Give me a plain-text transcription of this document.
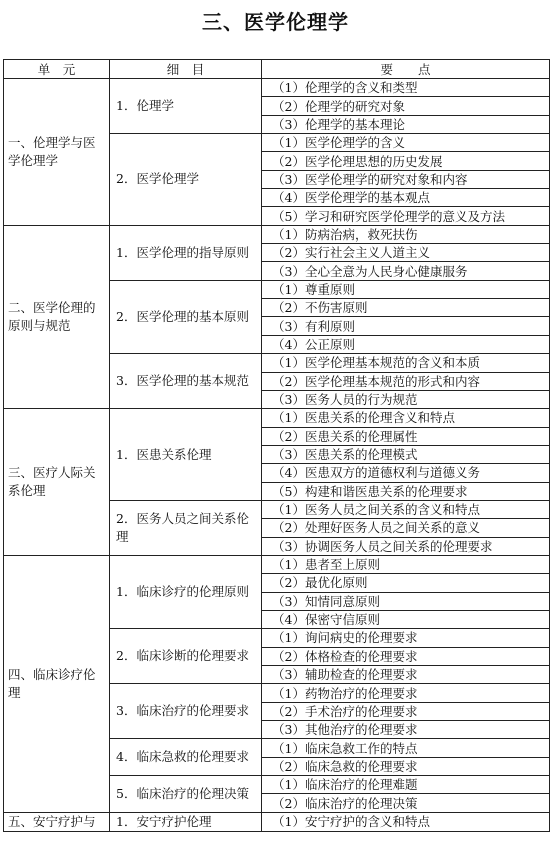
三、医学伦理学
单　元	细　目	要　　点
一、伦理学与医学伦理学	1．伦理学	（1）伦理学的含义和类型
		（2）伦理学的研究对象
		（3）伦理学的基本理论
	2．医学伦理学	（1）医学伦理学的含义
		（2）医学伦理思想的历史发展
		（3）医学伦理学的研究对象和内容
		（4）医学伦理学的基本观点
		（5）学习和研究医学伦理学的意义及方法
二、医学伦理的原则与规范	1．医学伦理的指导原则	（1）防病治病，救死扶伤
		（2）实行社会主义人道主义
		（3）全心全意为人民身心健康服务
	2．医学伦理的基本原则	（1）尊重原则
		（2）不伤害原则
		（3）有利原则
		（4）公正原则
	3．医学伦理的基本规范	（1）医学伦理基本规范的含义和本质
		（2）医学伦理基本规范的形式和内容
		（3）医务人员的行为规范
三、医疗人际关系伦理	1．医患关系伦理	（1）医患关系的伦理含义和特点
		（2）医患关系的伦理属性
		（3）医患关系的伦理模式
		（4）医患双方的道德权利与道德义务
		（5）构建和谐医患关系的伦理要求
	2．医务人员之间关系伦理	（1）医务人员之间关系的含义和特点
		（2）处理好医务人员之间关系的意义
		（3）协调医务人员之间关系的伦理要求
四、临床诊疗伦理	1．临床诊疗的伦理原则	（1）患者至上原则
		（2）最优化原则
		（3）知情同意原则
		（4）保密守信原则
	2．临床诊断的伦理要求	（1）询问病史的伦理要求
		（2）体格检查的伦理要求
		（3）辅助检查的伦理要求
	3．临床治疗的伦理要求	（1）药物治疗的伦理要求
		（2）手术治疗的伦理要求
		（3）其他治疗的伦理要求
	4．临床急救的伦理要求	（1）临床急救工作的特点
		（2）临床急救的伦理要求
	5．临床治疗的伦理决策	（1）临床治疗的伦理难题
		（2）临床治疗的伦理决策
五、安宁疗护与	1．安宁疗护伦理	（1）安宁疗护的含义和特点
